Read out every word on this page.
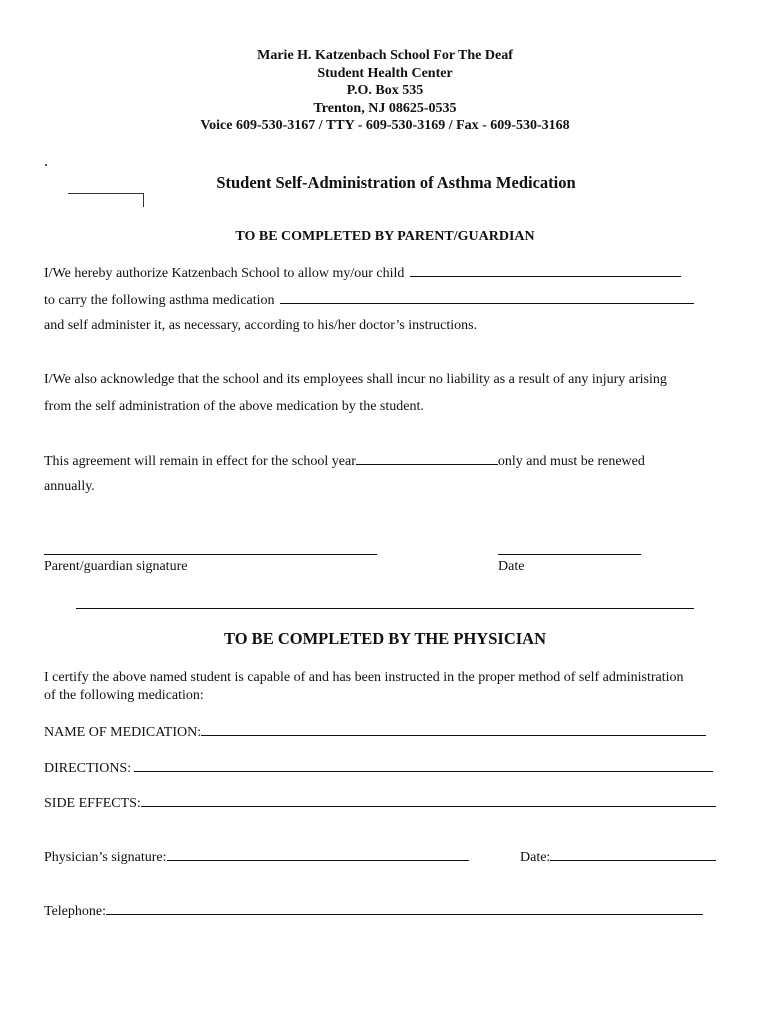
Marie H. Katzenbach School For The Deaf
Student Health Center
P.O. Box 535
Trenton, NJ 08625-0535
Voice 609-530-3167 / TTY - 609-530-3169 / Fax - 609-530-3168
Student Self-Administration of Asthma Medication
TO BE COMPLETED BY PARENT/GUARDIAN
I/We hereby authorize Katzenbach School to allow my/our child
to carry the following asthma medication
and self administer it, as necessary, according to his/her doctor’s instructions.
I/We also acknowledge that the school and its employees shall incur no liability as a result of any injury arising
from the self administration of the above medication by the student.
This agreement will remain in effect for the school year	only and must be renewed
annually.
Parent/guardian signature	Date
TO BE COMPLETED BY THE PHYSICIAN
I certify the above named student is capable of and has been instructed in the proper method of self administration of the following medication:
NAME OF MEDICATION:
DIRECTIONS:
SIDE EFFECTS:
Physician’s signature:	Date:
Telephone:
